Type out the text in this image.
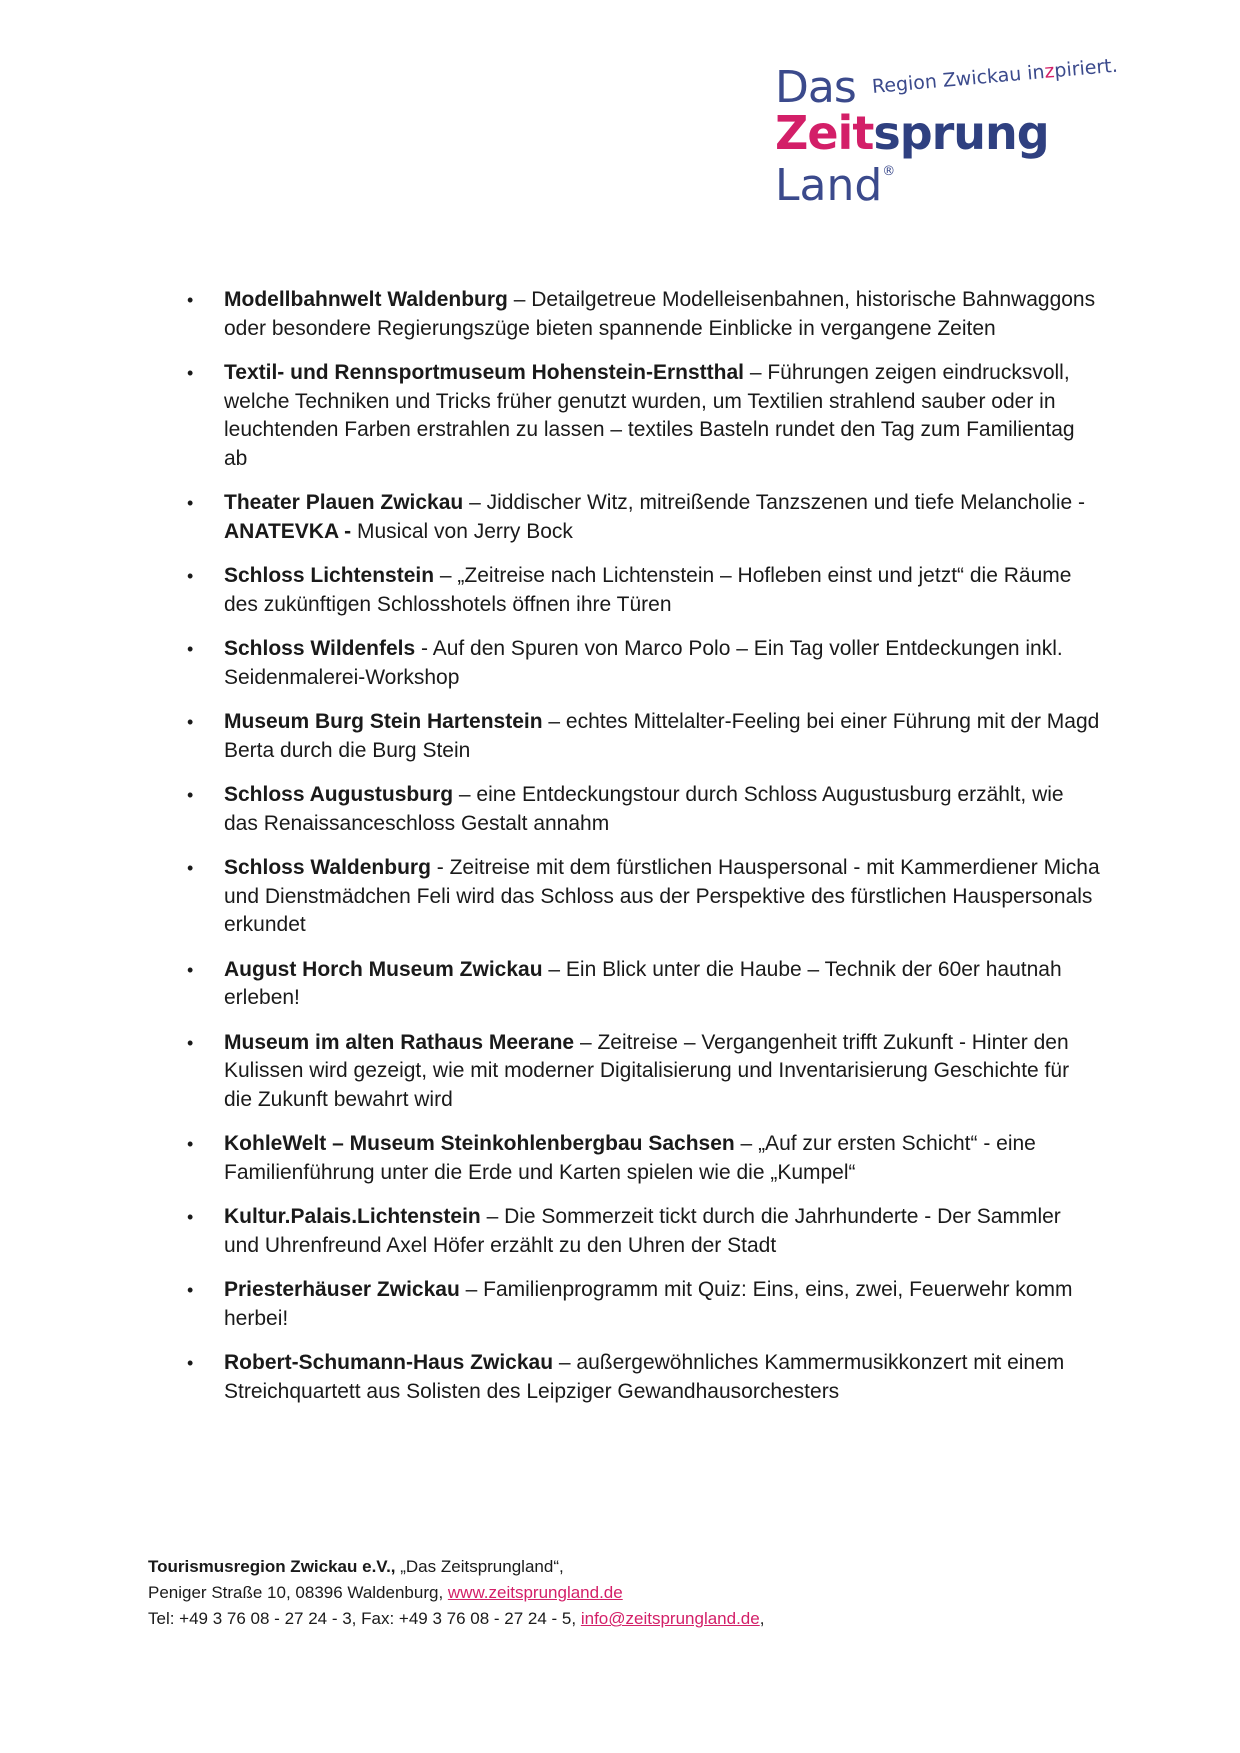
Das Region Zwickau inzpiriert.
Zeitsprung
Land®
• Modellbahnwelt Waldenburg – Detailgetreue Modelleisenbahnen, historische Bahnwaggons oder besondere Regierungszüge bieten spannende Einblicke in vergangene Zeiten
• Textil- und Rennsportmuseum Hohenstein-Ernstthal – Führungen zeigen eindrucksvoll, welche Techniken und Tricks früher genutzt wurden, um Textilien strahlend sauber oder in leuchtenden Farben erstrahlen zu lassen – textiles Basteln rundet den Tag zum Familientag ab
• Theater Plauen Zwickau – Jiddischer Witz, mitreißende Tanzszenen und tiefe Melancholie - ANATEVKA - Musical von Jerry Bock
• Schloss Lichtenstein – „Zeitreise nach Lichtenstein – Hofleben einst und jetzt“ die Räume des zukünftigen Schlosshotels öffnen ihre Türen
• Schloss Wildenfels - Auf den Spuren von Marco Polo – Ein Tag voller Entdeckungen inkl. Seidenmalerei-Workshop
• Museum Burg Stein Hartenstein – echtes Mittelalter-Feeling bei einer Führung mit der Magd Berta durch die Burg Stein
• Schloss Augustusburg – eine Entdeckungstour durch Schloss Augustusburg erzählt, wie das Renaissanceschloss Gestalt annahm
• Schloss Waldenburg - Zeitreise mit dem fürstlichen Hauspersonal - mit Kammerdiener Micha und Dienstmädchen Feli wird das Schloss aus der Perspektive des fürstlichen Hauspersonals erkundet
• August Horch Museum Zwickau – Ein Blick unter die Haube – Technik der 60er hautnah erleben!
• Museum im alten Rathaus Meerane – Zeitreise – Vergangenheit trifft Zukunft - Hinter den Kulissen wird gezeigt, wie mit moderner Digitalisierung und Inventarisierung Geschichte für die Zukunft bewahrt wird
• KohleWelt – Museum Steinkohlenbergbau Sachsen – „Auf zur ersten Schicht“ - eine Familienführung unter die Erde und Karten spielen wie die „Kumpel“
• Kultur.Palais.Lichtenstein – Die Sommerzeit tickt durch die Jahrhunderte - Der Sammler und Uhrenfreund Axel Höfer erzählt zu den Uhren der Stadt
• Priesterhäuser Zwickau – Familienprogramm mit Quiz: Eins, eins, zwei, Feuerwehr komm herbei!
• Robert-Schumann-Haus Zwickau – außergewöhnliches Kammermusikkonzert mit einem Streichquartett aus Solisten des Leipziger Gewandhausorchesters
Tourismusregion Zwickau e.V., „Das Zeitsprungland“,
Peniger Straße 10, 08396 Waldenburg, www.zeitsprungland.de
Tel: +49 3 76 08 - 27 24 - 3, Fax: +49 3 76 08 - 27 24 - 5, info@zeitsprungland.de,
